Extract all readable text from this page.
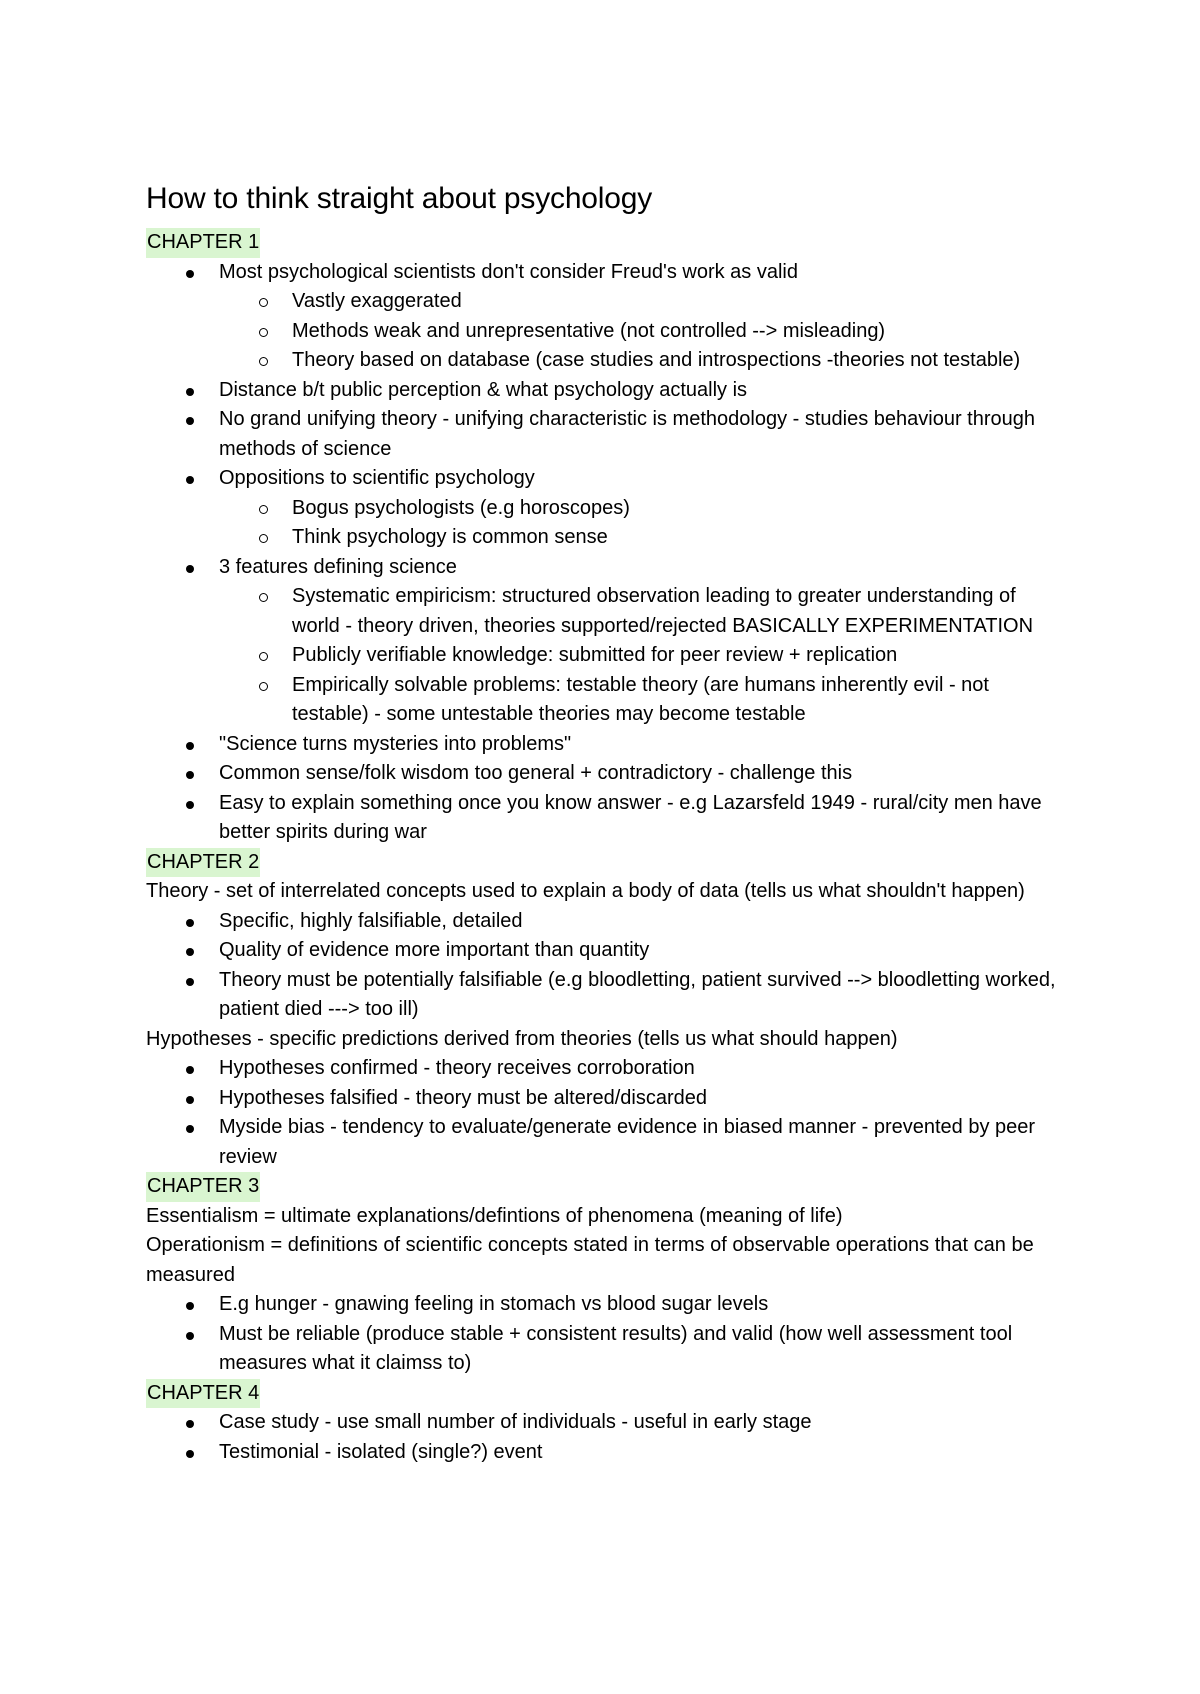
How to think straight about psychology
CHAPTER 1
Most psychological scientists don't consider Freud's work as valid
Vastly exaggerated
Methods weak and unrepresentative (not controlled --> misleading)
Theory based on database (case studies and introspections -theories not testable)
Distance b/t public perception & what psychology actually is
No grand unifying theory - unifying characteristic is methodology - studies behaviour through methods of science
Oppositions to scientific psychology
Bogus psychologists (e.g horoscopes)
Think psychology is common sense
3 features defining science
Systematic empiricism: structured observation leading to greater understanding of world - theory driven, theories supported/rejected BASICALLY EXPERIMENTATION
Publicly verifiable knowledge: submitted for peer review + replication
Empirically solvable problems: testable theory (are humans inherently evil - not testable) - some untestable theories may become testable
"Science turns mysteries into problems"
Common sense/folk wisdom too general + contradictory - challenge this
Easy to explain something once you know answer - e.g Lazarsfeld 1949 - rural/city men have better spirits during war
CHAPTER 2

Theory - set of interrelated concepts used to explain a body of data (tells us what shouldn't happen)

Specific, highly falsifiable, detailed
Quality of evidence more important than quantity
Theory must be potentially falsifiable (e.g bloodletting, patient survived --> bloodletting worked, patient died ---> too ill)

Hypotheses - specific predictions derived from theories (tells us what should happen)

Hypotheses confirmed - theory receives corroboration
Hypotheses falsified - theory must be altered/discarded
Myside bias - tendency to evaluate/generate evidence in biased manner - prevented by peer review
CHAPTER 3

Essentialism = ultimate explanations/defintions of phenomena (meaning of life)

Operationism = definitions of scientific concepts stated in terms of observable operations that can be measured

E.g hunger - gnawing feeling in stomach vs blood sugar levels
Must be reliable (produce stable + consistent results) and valid (how well assessment tool measures what it claimss to)
CHAPTER 4
Case study - use small number of individuals - useful in early stage
Testimonial - isolated (single?) event
